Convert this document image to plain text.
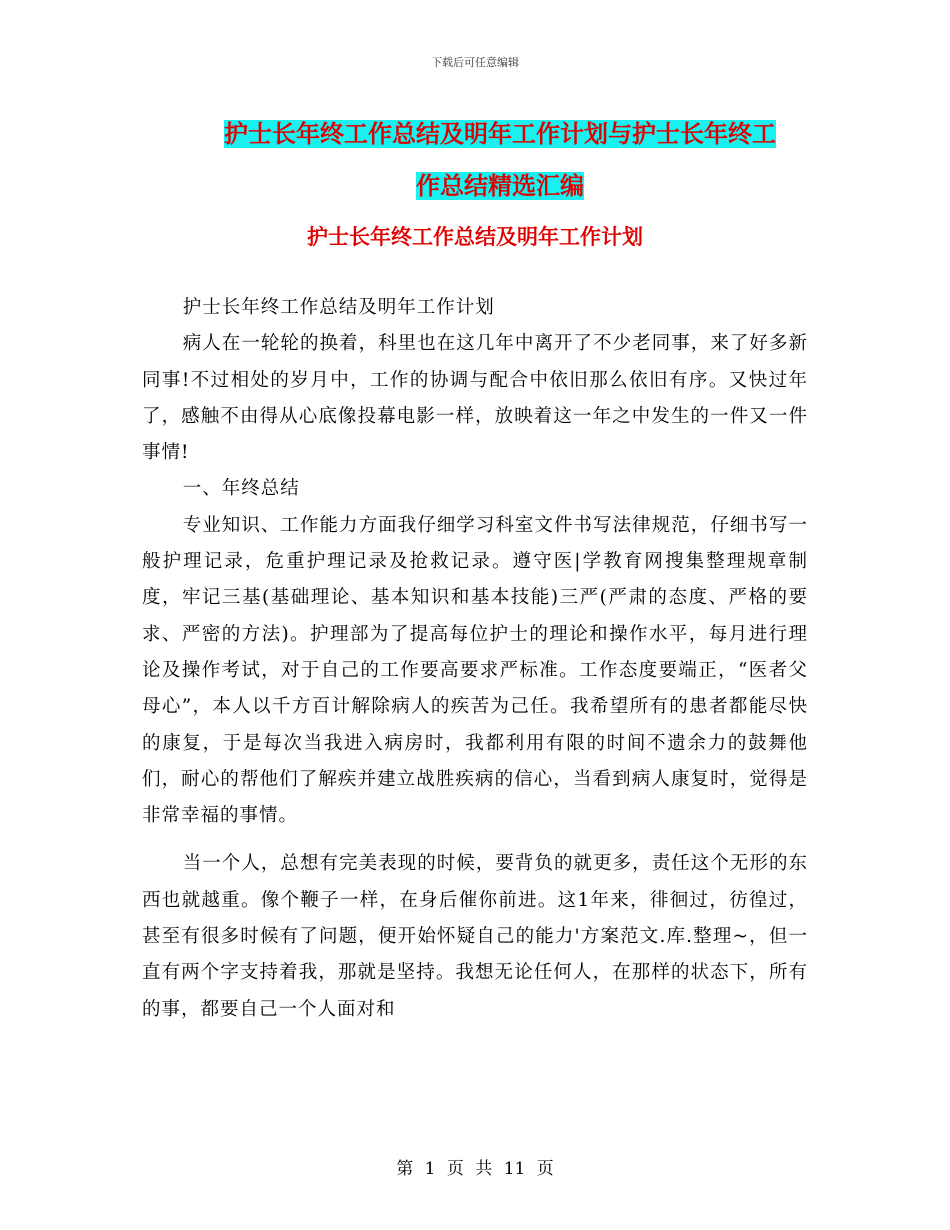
下载后可任意编辑
护士长年终工作总结及明年工作计划与护士长年终工
作总结精选汇编
护士长年终工作总结及明年工作计划

护士长年终工作总结及明年工作计划

病人在一轮轮的换着，科里也在这几年中离开了不少老同事，来了好多新同事!不过相处的岁月中，工作的协调与配合中依旧那么依旧有序。又快过年了，感触不由得从心底像投幕电影一样，放映着这一年之中发生的一件又一件事情!

一、年终总结

专业知识、工作能力方面我仔细学习科室文件书写法律规范，仔细书写一般护理记录，危重护理记录及抢救记录。遵守医|学教育网搜集整理规章制度，牢记三基(基础理论、基本知识和基本技能)三严(严肃的态度、严格的要求、严密的方法)。护理部为了提高每位护士的理论和操作水平，每月进行理论及操作考试，对于自己的工作要高要求严标准。工作态度要端正，“医者父母心”，本人以千方百计解除病人的疾苦为己任。我希望所有的患者都能尽快的康复，于是每次当我进入病房时，我都利用有限的时间不遗余力的鼓舞他们，耐心的帮他们了解疾并建立战胜疾病的信心，当看到病人康复时，觉得是非常幸福的事情。

当一个人，总想有完美表现的时候，要背负的就更多，责任这个无形的东西也就越重。像个鞭子一样，在身后催你前进。这1年来，徘徊过，彷徨过，甚至有很多时候有了问题，便开始怀疑自己的能力'方案范文.库.整理~，但一直有两个字支持着我，那就是坚持。我想无论任何人，在那样的状态下，所有的事，都要自己一个人面对和

第 1 页 共 11 页
